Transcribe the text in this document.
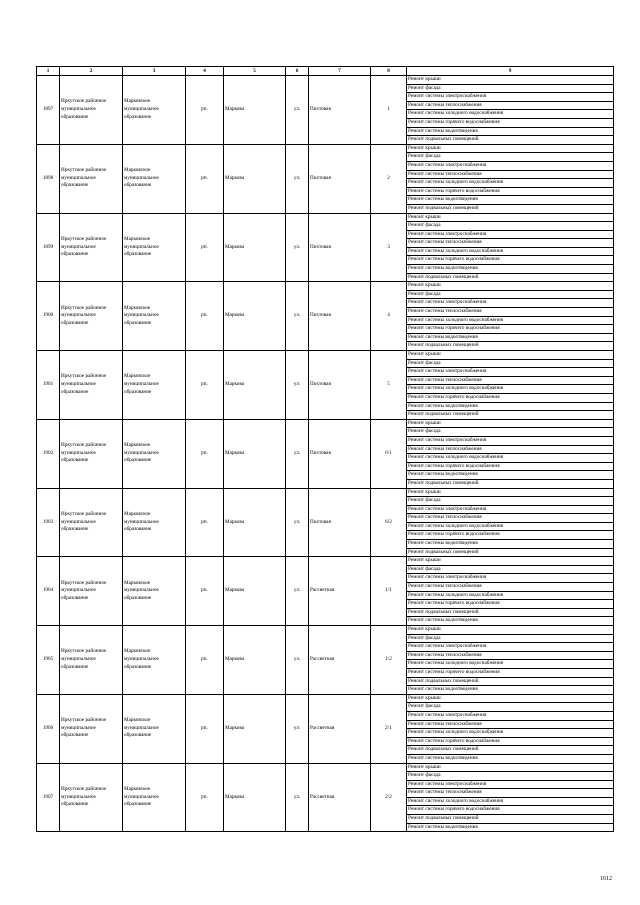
1	2	3	4	5	6	7	8	9
1897	Иркутское районное муниципальное образование	Марковское муниципальное образование	рп.	Маркова	ул.	Пихтовая	1	Ремонт крыши
								Ремонт фасада
								Ремонт системы электроснабжения
								Ремонт системы теплоснабжения
								Ремонт системы холодного водоснабжения
								Ремонт системы горячего водоснабжения
								Ремонт системы водоотведения
								Ремонт подвальных помещений
1898	Иркутское районное муниципальное образование	Марковское муниципальное образование	рп.	Маркова	ул.	Пихтовая	2	Ремонт крыши
								Ремонт фасада
								Ремонт системы электроснабжения
								Ремонт системы теплоснабжения
								Ремонт системы холодного водоснабжения
								Ремонт системы горячего водоснабжения
								Ремонт системы водоотведения
								Ремонт подвальных помещений
1899	Иркутское районное муниципальное образование	Марковское муниципальное образование	рп.	Маркова	ул.	Пихтовая	3	Ремонт крыши
								Ремонт фасада
								Ремонт системы электроснабжения
								Ремонт системы теплоснабжения
								Ремонт системы холодного водоснабжения
								Ремонт системы горячего водоснабжения
								Ремонт системы водоотведения
								Ремонт подвальных помещений
1900	Иркутское районное муниципальное образование	Марковское муниципальное образование	рп.	Маркова	ул.	Пихтовая	4	Ремонт крыши
								Ремонт фасада
								Ремонт системы электроснабжения
								Ремонт системы теплоснабжения
								Ремонт системы холодного водоснабжения
								Ремонт системы горячего водоснабжения
								Ремонт системы водоотведения
								Ремонт подвальных помещений
1901	Иркутское районное муниципальное образование	Марковское муниципальное образование	рп.	Маркова	ул.	Пихтовая	5	Ремонт крыши
								Ремонт фасада
								Ремонт системы электроснабжения
								Ремонт системы теплоснабжения
								Ремонт системы холодного водоснабжения
								Ремонт системы горячего водоснабжения
								Ремонт системы водоотведения
								Ремонт подвальных помещений
1902	Иркутское районное муниципальное образование	Марковское муниципальное образование	рп.	Маркова	ул.	Пихтовая	6/1	Ремонт крыши
								Ремонт фасада
								Ремонт системы электроснабжения
								Ремонт системы теплоснабжения
								Ремонт системы холодного водоснабжения
								Ремонт системы горячего водоснабжения
								Ремонт системы водоотведения
								Ремонт подвальных помещений
1903	Иркутское районное муниципальное образование	Марковское муниципальное образование	рп.	Маркова	ул.	Пихтовая	6/2	Ремонт крыши
								Ремонт фасада
								Ремонт системы электроснабжения
								Ремонт системы теплоснабжения
								Ремонт системы холодного водоснабжения
								Ремонт системы горячего водоснабжения
								Ремонт системы водоотведения
								Ремонт подвальных помещений
1904	Иркутское районное муниципальное образование	Марковское муниципальное образование	рп.	Маркова	ул.	Рассветная	1/1	Ремонт крыши
								Ремонт фасада
								Ремонт системы электроснабжения
								Ремонт системы теплоснабжения
								Ремонт системы холодного водоснабжения
								Ремонт системы горячего водоснабжения
								Ремонт подвальных помещений
								Ремонт системы водоотведения
1905	Иркутское районное муниципальное образование	Марковское муниципальное образование	рп.	Маркова	ул.	Рассветная	1/2	Ремонт крыши
								Ремонт фасада
								Ремонт системы электроснабжения
								Ремонт системы теплоснабжения
								Ремонт системы холодного водоснабжения
								Ремонт системы горячего водоснабжения
								Ремонт подвальных помещений
								Ремонт системы водоотведения
1906	Иркутское районное муниципальное образование	Марковское муниципальное образование	рп.	Маркова	ул.	Рассветная	2/1	Ремонт крыши
								Ремонт фасада
								Ремонт системы электроснабжения
								Ремонт системы теплоснабжения
								Ремонт системы холодного водоснабжения
								Ремонт системы горячего водоснабжения
								Ремонт подвальных помещений
								Ремонт системы водоотведения
1907	Иркутское районное муниципальное образование	Марковское муниципальное образование	рп.	Маркова	ул.	Рассветная	2/2	Ремонт крыши
								Ремонт фасада
								Ремонт системы электроснабжения
								Ремонт системы теплоснабжения
								Ремонт системы холодного водоснабжения
								Ремонт системы горячего водоснабжения
								Ремонт подвальных помещений
								Ремонт системы водоотведения
1612
